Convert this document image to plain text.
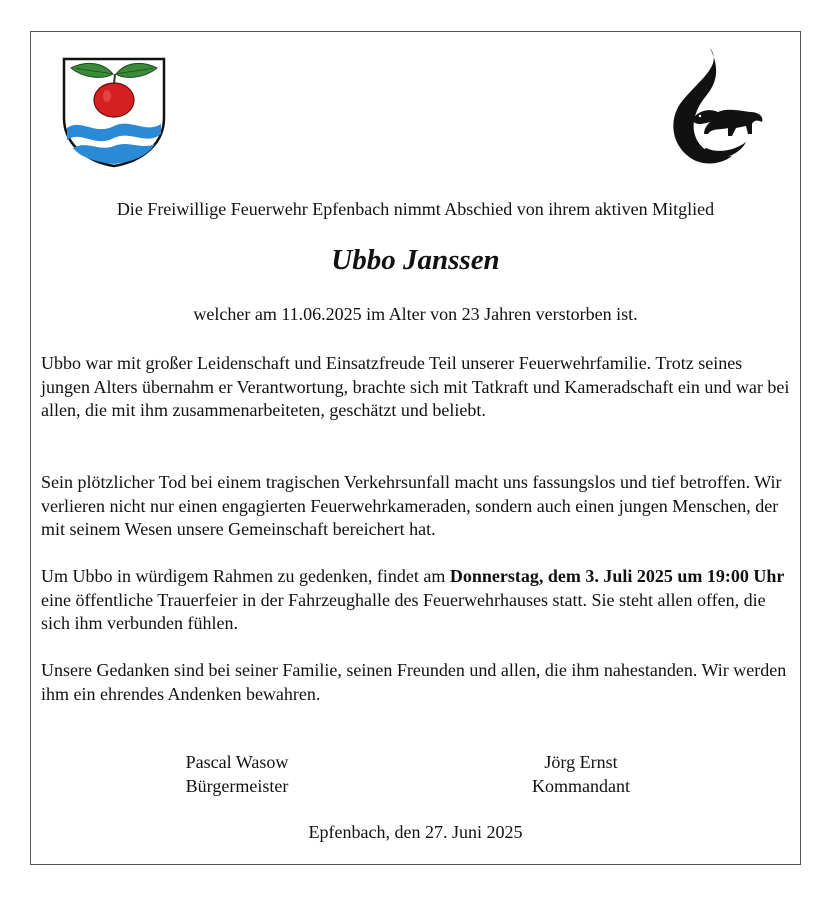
Die Freiwillige Feuerwehr Epfenbach nimmt Abschied von ihrem aktiven Mitglied
Ubbo Janssen
welcher am 11.06.2025 im Alter von 23 Jahren verstorben ist.

Ubbo war mit großer Leidenschaft und Einsatzfreude Teil unserer Feuerwehrfamilie. Trotz seines jungen Alters übernahm er Verantwortung, brachte sich mit Tatkraft und Kameradschaft ein und war bei allen, die mit ihm zusammenarbeiteten, geschätzt und beliebt.

Sein plötzlicher Tod bei einem tragischen Verkehrsunfall macht uns fassungslos und tief betroffen. Wir verlieren nicht nur einen engagierten Feuerwehrkameraden, sondern auch einen jungen Menschen, der mit seinem Wesen unsere Gemeinschaft bereichert hat.

Um Ubbo in würdigem Rahmen zu gedenken, findet am Donnerstag, dem 3. Juli 2025 um 19:00 Uhr eine öffentliche Trauerfeier in der Fahrzeughalle des Feuerwehrhauses statt. Sie steht allen offen, die sich ihm verbunden fühlen.

Unsere Gedanken sind bei seiner Familie, seinen Freunden und allen, die ihm nahestanden. Wir werden ihm ein ehrendes Andenken bewahren.

Pascal Wasow
Bürgermeister
Jörg Ernst
Kommandant
Epfenbach, den 27. Juni 2025
